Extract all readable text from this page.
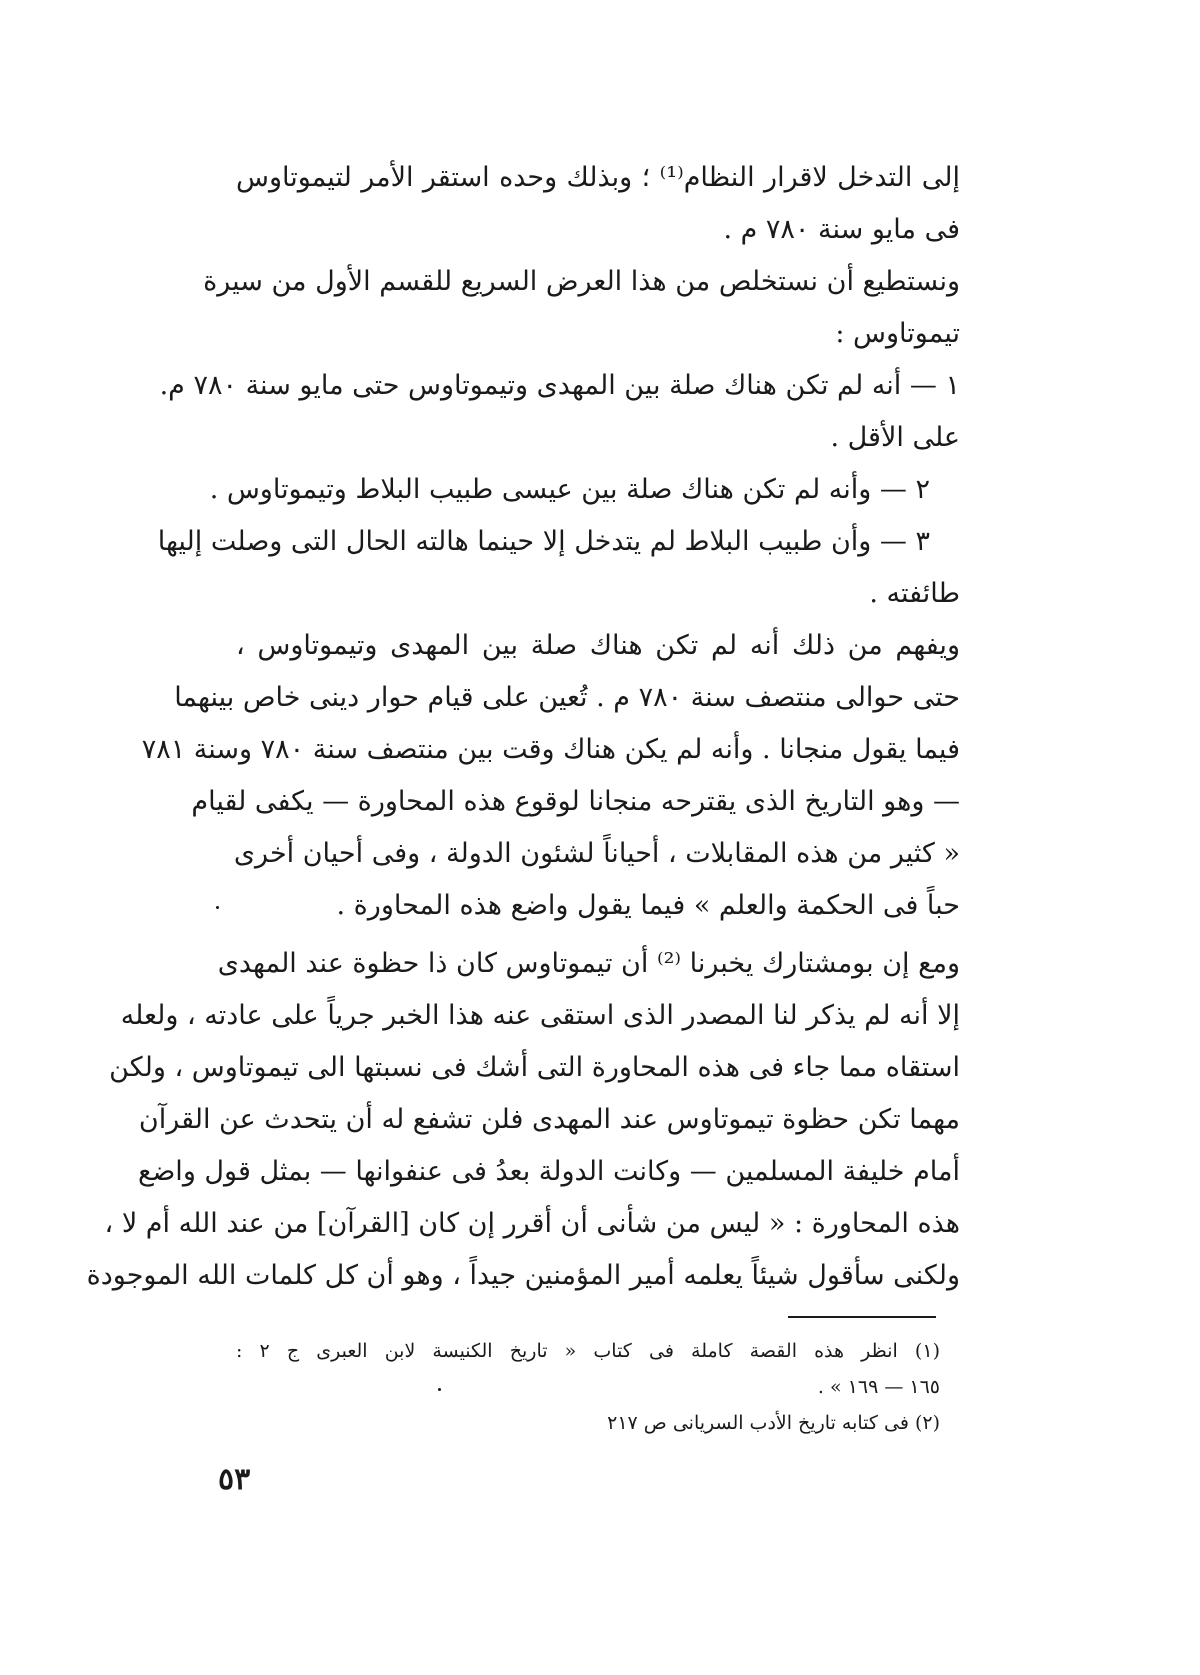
إلى التدخل لاقرار النظام⁽¹⁾ ؛ وبذلك وحده استقر الأمر لتيموتاوس
فى مايو سنة ٧٨٠ م .
ونستطيع أن نستخلص من هذا العرض السريع للقسم الأول من سيرة
تيموتاوس :
١ — أنه لم تكن هناك صلة بين المهدى وتيموتاوس حتى مايو سنة ٧٨٠ م.
على الأقل .
٢ — وأنه لم تكن هناك صلة بين عيسى طبيب البلاط وتيموتاوس .
٣ — وأن طبيب البلاط لم يتدخل إلا حينما هالته الحال التى وصلت إليها
طائفته .
ويفهم من ذلك أنه لم تكن هناك صلة بين المهدى وتيموتاوس ،
حتى حوالى منتصف سنة ٧٨٠ م . تُعين على قيام حوار دينى خاص بينهما
فيما يقول منجانا . وأنه لم يكن هناك وقت بين منتصف سنة ٧٨٠ وسنة ٧٨١
— وهو التاريخ الذى يقترحه منجانا لوقوع هذه المحاورة — يكفى لقيام
« كثير من هذه المقابلات ، أحياناً لشئون الدولة ، وفى أحيان أخرى
حباً فى الحكمة والعلم » فيما يقول واضع هذه المحاورة .
ومع إن بومشتارك يخبرنا ⁽²⁾ أن تيموتاوس كان ذا حظوة عند المهدى
إلا أنه لم يذكر لنا المصدر الذى استقى عنه هذا الخبر جرياً على عادته ، ولعله
استقاه مما جاء فى هذه المحاورة التى أشك فى نسبتها الى تيموتاوس ، ولكن
مهما تكن حظوة تيموتاوس عند المهدى فلن تشفع له أن يتحدث عن القرآن
أمام خليفة المسلمين — وكانت الدولة بعدُ فى عنفوانها — بمثل قول واضع
هذه المحاورة : « ليس من شأنى أن أقرر إن كان [القرآن] من عند الله أم لا ،
ولكنى سأقول شيئاً يعلمه أمير المؤمنين جيداً ، وهو أن كل كلمات الله الموجودة
(١) انظر هذه القصة كاملة فى كتاب « تاريخ الكنيسة لابن العبرى ج ٢ :
١٦٥ — ١٦٩ » .
(٢) فى كتابه تاريخ الأدب السريانى ص ٢١٧
٥٣
